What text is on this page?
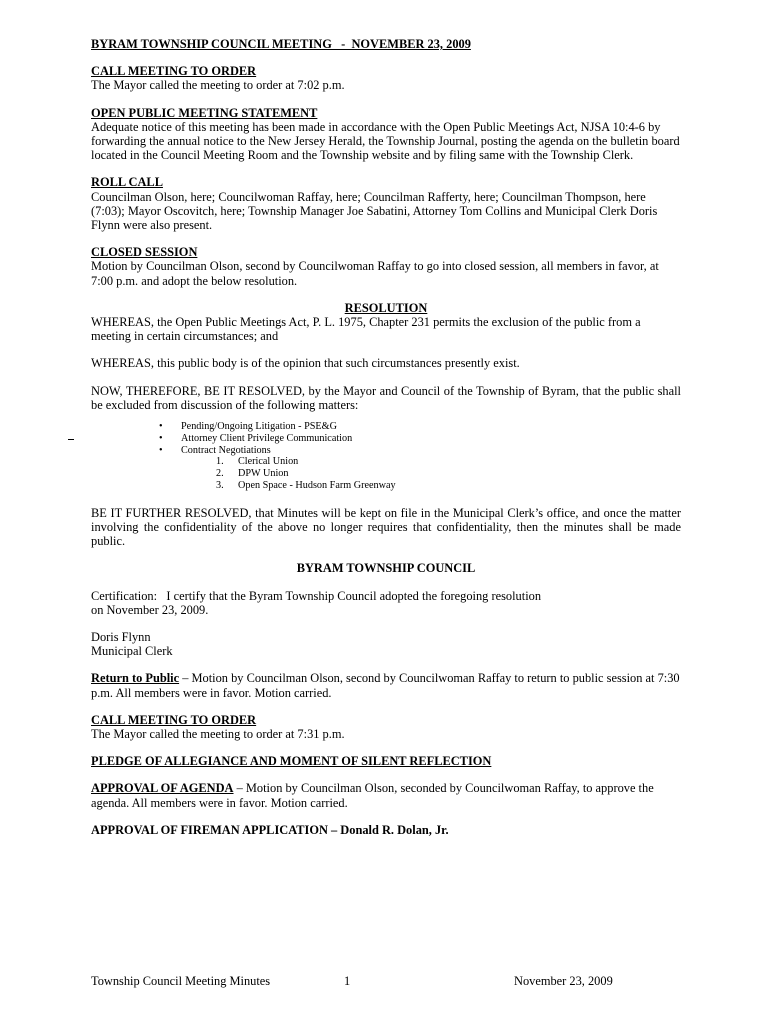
BYRAM TOWNSHIP COUNCIL MEETING   -  NOVEMBER 23, 2009

CALL MEETING TO ORDER

The Mayor called the meeting to order at 7:02 p.m.

OPEN PUBLIC MEETING STATEMENT

Adequate notice of this meeting has been made in accordance with the Open Public Meetings Act, NJSA 10:4-6 by forwarding the annual notice to the New Jersey Herald, the Township Journal, posting the agenda on the bulletin board located in the Council Meeting Room and the Township website and by filing same with the Township Clerk.

ROLL CALL

Councilman Olson, here; Councilwoman Raffay, here; Councilman Rafferty, here; Councilman Thompson, here (7:03); Mayor Oscovitch, here; Township Manager Joe Sabatini, Attorney Tom Collins and Municipal Clerk Doris Flynn were also present.

CLOSED SESSION

Motion by Councilman Olson, second by Councilwoman Raffay to go into closed session, all members in favor, at 7:00 p.m. and adopt the below resolution.

RESOLUTION

WHEREAS, the Open Public Meetings Act, P. L. 1975, Chapter 231 permits the exclusion of the public from a meeting in certain circumstances; and

WHEREAS, this public body is of the opinion that such circumstances presently exist.

NOW, THEREFORE, BE IT RESOLVED, by the Mayor and Council of the Township of Byram, that the public shall be excluded from discussion of the following matters:

• Pending/Ongoing Litigation - PSE&G
• Attorney Client Privilege Communication
• Contract Negotiations
1. Clerical Union
2. DPW Union
3. Open Space - Hudson Farm Greenway

BE IT FURTHER RESOLVED, that Minutes will be kept on file in the Municipal Clerk’s office, and once the matter involving the confidentiality of the above no longer requires that confidentiality, then the minutes shall be made public.

BYRAM TOWNSHIP COUNCIL

Certification:   I certify that the Byram Township Council adopted the foregoing resolution

on November 23, 2009.

Doris Flynn

Municipal Clerk

Return to Public – Motion by Councilman Olson, second by Councilwoman Raffay to return to public session at 7:30 p.m. All members were in favor. Motion carried.

CALL MEETING TO ORDER

The Mayor called the meeting to order at 7:31 p.m.

PLEDGE OF ALLEGIANCE AND MOMENT OF SILENT REFLECTION

APPROVAL OF AGENDA – Motion by Councilman Olson, seconded by Councilwoman Raffay, to approve the agenda. All members were in favor. Motion carried.

APPROVAL OF FIREMAN APPLICATION – Donald R. Dolan, Jr.

Township Council Meeting Minutes	1	November 23, 2009
